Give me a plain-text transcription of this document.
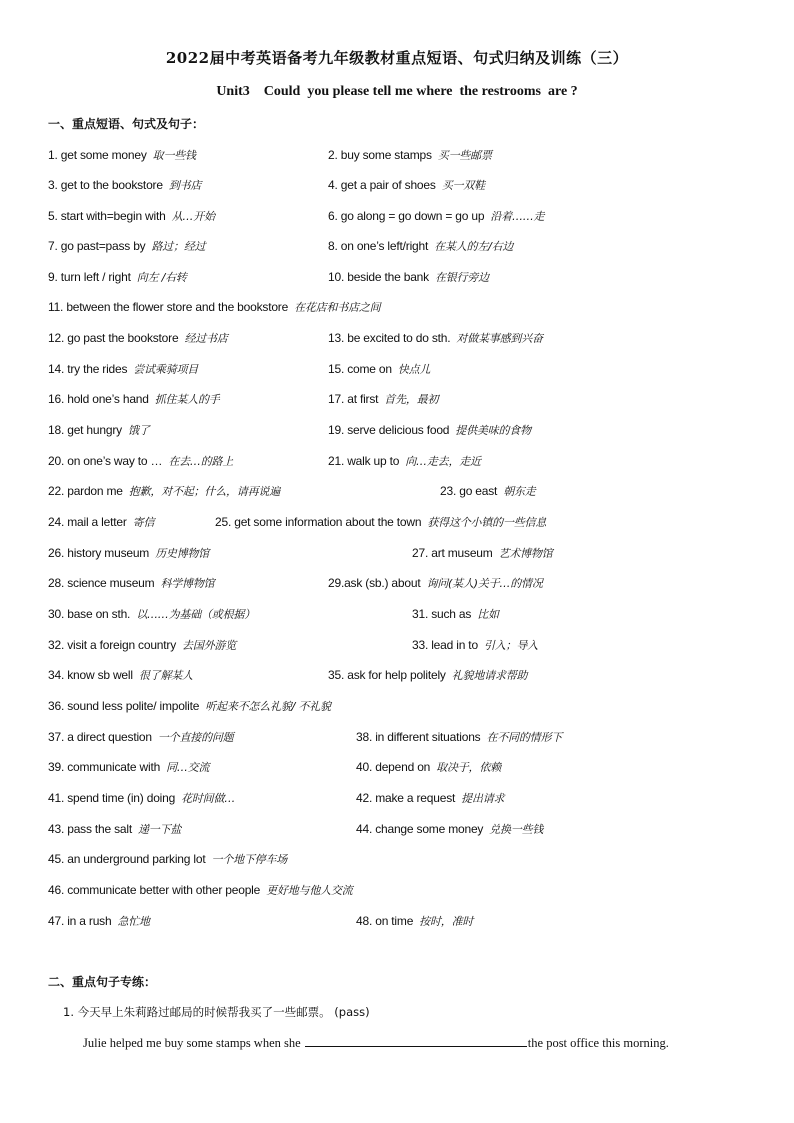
2022届中考英语备考九年级教材重点短语、句式归纳及训练（三）
Unit3    Could  you please tell me where  the restrooms  are ?
一、重点短语、句式及句子：
1. get some money 取一些钱	2. buy some stamps 买一些邮票
3. get to the bookstore 到书店	4. get a pair of shoes 买一双鞋
5. start with=begin with 从…开始	6. go along = go down = go up 沿着……走
7. go past=pass by 路过；经过	8. on one’s left/right 在某人的左/右边
9. turn left / right 向左 /右转	10. beside the bank 在银行旁边
11. between the flower store and the bookstore 在花店和书店之间
12. go past the bookstore 经过书店	13. be excited to do sth. 对做某事感到兴奋
14. try the rides 尝试乘骑项目	15. come on 快点儿
16. hold one’s hand 抓住某人的手	17. at first 首先，最初
18. get hungry 饿了	19. serve delicious food 提供美味的食物
20. on one’s way to … 在去…的路上	21. walk up to 向…走去，走近
22. pardon me 抱歉，对不起；什么，请再说遍	23. go east 朝东走
24. mail a letter 寄信	25. get some information about the town 获得这个小镇的一些信息
26. history museum 历史博物馆	27. art museum 艺术博物馆
28. science museum 科学博物馆	29.ask (sb.) about 询问(某人)关于…的情况
30. base on sth. 以……为基础（或根据）	31. such as 比如
32. visit a foreign country 去国外游览	33. lead in to 引入；导入
34. know sb well 很了解某人	35. ask for help politely 礼貌地请求帮助
36. sound less polite/ impolite 听起来不怎么礼貌/ 不礼貌
37. a direct question 一个直接的问题	38. in different situations 在不同的情形下
39. communicate with 同…交流	40. depend on 取决于，依赖
41. spend time (in) doing 花时间做…	42. make a request 提出请求
43. pass the salt 递一下盐	44. change some money 兑换一些钱
45. an underground parking lot 一个地下停车场
46. communicate better with other people 更好地与他人交流
47. in a rush 急忙地	48. on time 按时，准时
二、重点句子专练：
1. 今天早上朱莉路过邮局的时候帮我买了一些邮票。 (pass)
Julie helped me buy some stamps when she	the post office this morning.
